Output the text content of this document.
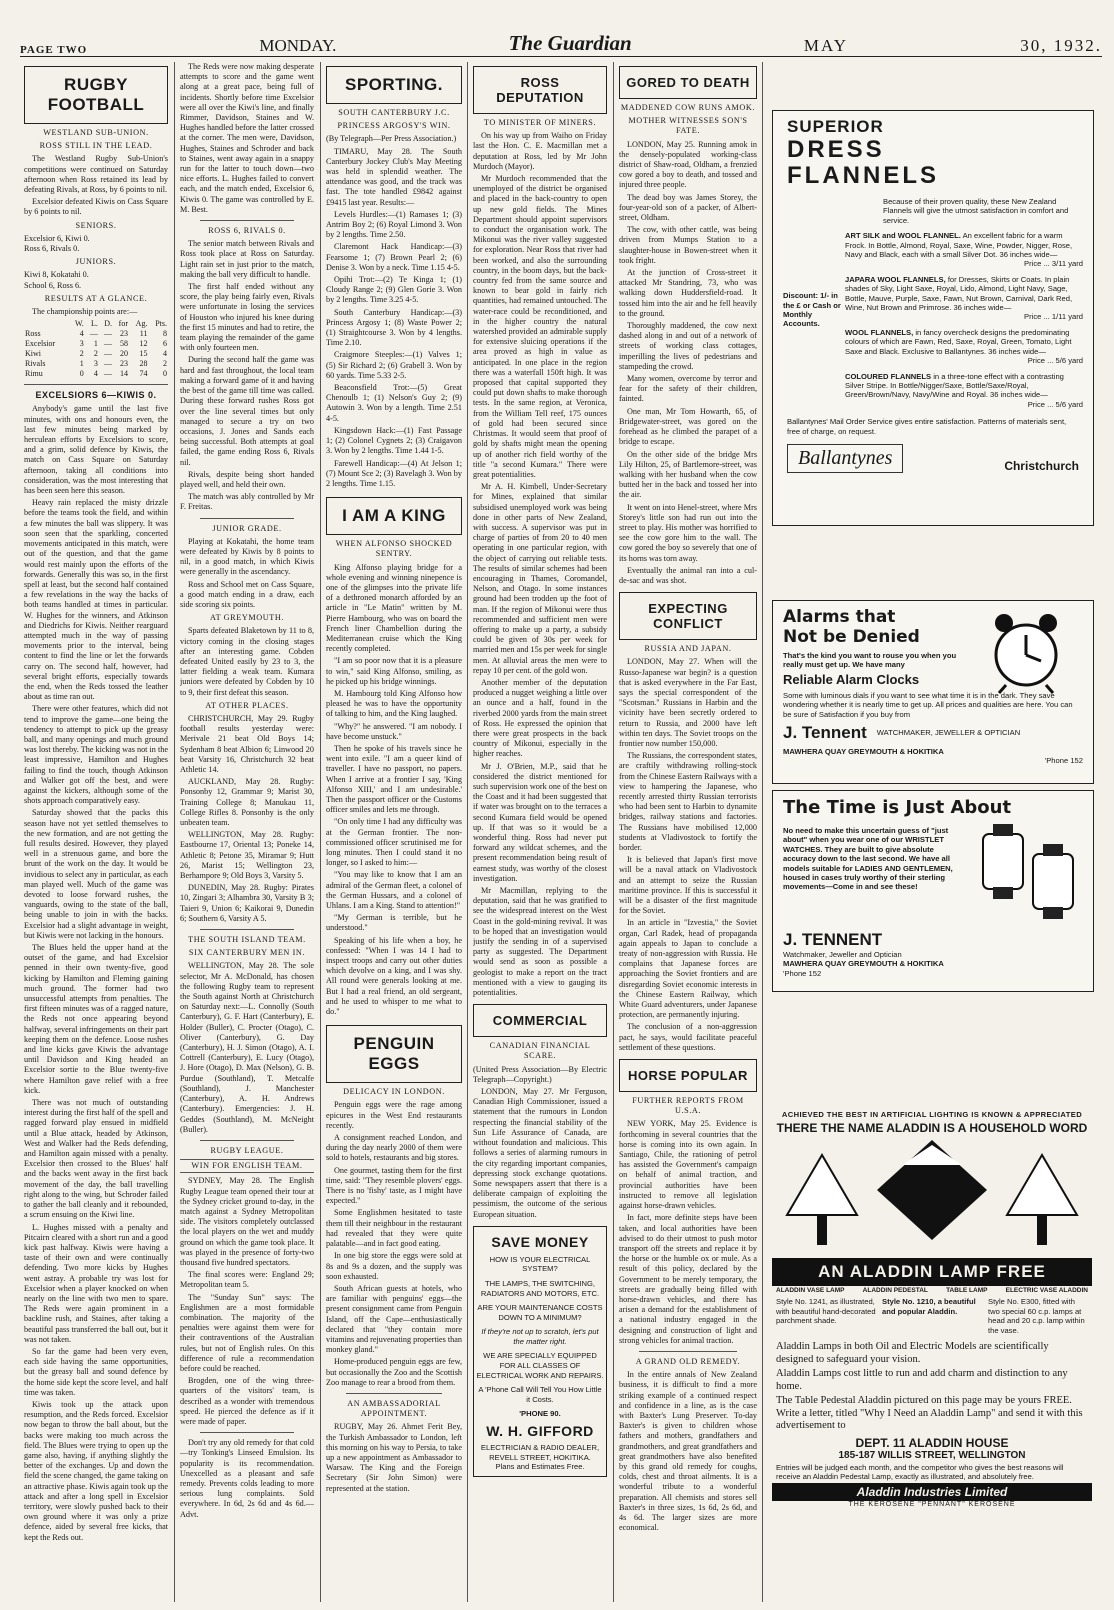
PAGE TWO	MONDAY.	The Guardian	MAY	30, 1932.
RUGBY FOOTBALL
WESTLAND SUB-UNION.
ROSS STILL IN THE LEAD.

The Westland Rugby Sub-Union's competitions were continued on Saturday afternoon when Ross retained its lead by defeating Rivals, at Ross, by 6 points to nil.

Excelsior defeated Kiwis on Cass Square by 6 points to nil.

SENIORS.
Excelsior 6, Kiwi 0.
Ross 6, Rivals 0.
JUNIORS.
Kiwi 8, Kokatahi 0.
School 6, Ross 6.
RESULTS AT A GLANCE.

The championship points are:—

	W.	L.	D.	for	Ag.	Pts.
Ross	4	—	—	23	11	8
Excelsior	3	1	—	58	12	6
Kiwi	2	2	—	20	15	4
Rivals	1	3	—	23	28	2
Rimu	0	4	—	14	74	0
EXCELSIORS 6—KIWIS 0.

Anybody's game until the last five minutes, with ons and honours even, the last few minutes being marked by herculean efforts by Excelsiors to score, and a grim, solid defence by Kiwis, the match on Cass Square on Saturday afternoon, taking all conditions into consideration, was the most interesting that has been seen here this season.

Heavy rain replaced the misty drizzle before the teams took the field, and within a few minutes the ball was slippery. It was soon seen that the sparkling, concerted movements anticipated in this match, were out of the question, and that the game would rest mainly upon the efforts of the forwards. Generally this was so, in the first spell at least, but the second half contained a few revelations in the way the backs of both teams handled at times in particular. W. Hughes for the winners, and Atkinson and Diedrichs for Kiwis. Neither rearguard attempted much in the way of passing movements prior to the interval, being content to find the line or let the forwards carry on. The second half, however, had several bright efforts, especially towards the end, when the Reds tossed the leather about as time ran out.

There were other features, which did not tend to improve the game—one being the tendency to attempt to pick up the greasy ball, and many openings and much ground was lost thereby. The kicking was not in the least impressive, Hamilton and Hughes failing to find the touch, though Atkinson and Walker got off the best, and were against the kickers, although some of the shots approach comparatively easy.

Saturday showed that the packs this season have not yet settled themselves to the new formation, and are not getting the full results desired. However, they played well in a strenuous game, and bore the brunt of the work on the day. It would be invidious to select any in particular, as each man played well. Much of the game was devoted to loose forward rushes, the vanguards, owing to the state of the ball, being unable to join in with the backs. Excelsior had a slight advantage in weight, but Kiwis were not lacking in the honours.

The Blues held the upper hand at the outset of the game, and had Excelsior penned in their own twenty-five, good kicking by Hamilton and Fleming gaining much ground. The former had two unsuccessful attempts from penalties. The first fifteen minutes was of a ragged nature, the Reds not once appearing beyond halfway, several infringements on their part keeping them on the defence. Loose rushes and line kicks gave Kiwis the advantage until Davidson and King headed an Excelsior sortie to the Blue twenty-five where Hamilton gave relief with a free kick.

There was not much of outstanding interest during the first half of the spell and ragged forward play ensued in midfield until a Blue attack, headed by Atkinson, West and Walker had the Reds defending, and Hamilton again missed with a penalty. Excelsior then crossed to the Blues' half and the backs went away in the first back movement of the day, the ball travelling right along to the wing, but Schroder failed to gather the ball cleanly and it rebounded, a scrum ensuing on the Kiwi line.

L. Hughes missed with a penalty and Pitcairn cleared with a short run and a good kick past halfway. Kiwis were having a taste of their own and were continually defending. Two more kicks by Hughes went astray. A probable try was lost for Excelsior when a player knocked on when nearly on the line with two men to spare. The Reds were again prominent in a backline rush, and Staines, after taking a beautiful pass transferred the ball out, but it was not taken.

So far the game had been very even, each side having the same opportunities, but the greasy ball and sound defence by the home side kept the score level, and half time was taken.

Kiwis took up the attack upon resumption, and the Reds forced. Excelsior now began to throw the ball about, but the backs were making too much across the field. The Blues were trying to open up the game also, having, if anything slightly the better of the exchanges. Up and down the field the scene changed, the game taking on an attractive phase. Kiwis again took up the attack and after a long spell in Excelsior territory, were slowly pushed back to their own ground where it was only a prize defence, aided by several free kicks, that kept the Reds out.

The Reds were now making desperate attempts to score and the game went along at a great pace, being full of incidents. Shortly before time Excelsior were all over the Kiwi's line, and finally Rimmer, Davidson, Staines and W. Hughes handled before the latter crossed at the corner. The men were, Davidson, Hughes, Staines and Schroder and back to Staines, went away again in a snappy run for the latter to touch down—two nice efforts. L. Hughes failed to convert each, and the match ended, Excelsior 6, Kiwis 0. The game was controlled by E. M. Best.

ROSS 6, RIVALS 0.

The senior match between Rivals and Ross took place at Ross on Saturday. Light rain set in just prior to the match, making the ball very difficult to handle.

The first half ended without any score, the play being fairly even, Rivals were unfortunate in losing the services of Houston who injured his knee during the first 15 minutes and had to retire, the team playing the remainder of the game with only fourteen men.

During the second half the game was hard and fast throughout, the local team making a forward game of it and having the best of the game till time was called. During these forward rushes Ross got over the line several times but only managed to secure a try on two occasions, J. Jones and Sands each being successful. Both attempts at goal failed, the game ending Ross 6, Rivals nil.

Rivals, despite being short handed played well, and held their own.

The match was ably controlled by Mr F. Freitas.

JUNIOR GRADE.

Playing at Kokatahi, the home team were defeated by Kiwis by 8 points to nil, in a good match, in which Kiwis were generally in the ascendancy.

Ross and School met on Cass Square, a good match ending in a draw, each side scoring six points.

AT GREYMOUTH.

Sparts defeated Blaketown by 11 to 8, victory coming in the closing stages after an interesting game. Cobden defeated United easily by 23 to 3, the latter fielding a weak team. Kumara juniors were defeated by Cobden by 10 to 9, their first defeat this season.

AT OTHER PLACES.

CHRISTCHURCH, May 29. Rugby football results yesterday were: Merivale 21 beat Old Boys 14; Sydenham 8 beat Albion 6; Linwood 20 beat Varsity 16, Christchurch 32 beat Athletic 14.

AUCKLAND, May 28. Rugby: Ponsonby 12, Grammar 9; Marist 30, Training College 8; Manukau 11, College Rifles 8. Ponsonby is the only unbeaten team.

WELLINGTON, May 28. Rugby: Eastbourne 17, Oriental 13; Poneke 14, Athletic 8; Petone 35, Miramar 9; Hutt 26, Marist 15; Wellington 23, Berhampore 9; Old Boys 3, Varsity 5.

DUNEDIN, May 28. Rugby: Pirates 10, Zingari 3; Alhambra 30, Varsity B 3; Taieri 9, Union 6; Kaikorai 9, Dunedin 6; Southern 6, Varsity A 5.

THE SOUTH ISLAND TEAM.
SIX CANTERBURY MEN IN.

WELLINGTON, May 28. The sole selector, Mr A. McDonald, has chosen the following Rugby team to represent the South against North at Christchurch on Saturday next:—L. Connolly (South Canterbury), G. F. Hart (Canterbury), E. Holder (Buller), C. Procter (Otago), C. Oliver (Canterbury), G. Day (Canterbury), H. J. Simon (Otago), A. I. Cottrell (Canterbury), E. Lucy (Otago), J. Hore (Otago), D. Max (Nelson), G. B. Purdue (Southland), T. Metcalfe (Southland), J. Manchester (Canterbury), A. H. Andrews (Canterbury). Emergencies: J. H. Geddes (Southland), M. McNeight (Buller).

RUGBY LEAGUE.
WIN FOR ENGLISH TEAM.

SYDNEY, May 28. The English Rugby League team opened their tour at the Sydney cricket ground to-day, in the match against a Sydney Metropolitan side. The visitors completely outclassed the local players on the wet and muddy ground on which the game took place. It was played in the presence of forty-two thousand five hundred spectators.

The final scores were: England 29; Metropolitan team 5.

The "Sunday Sun" says: The Englishmen are a most formidable combination. The majority of the penalties were against them were for their contraventions of the Australian rules, but not of English rules. On this difference of rule a recommendation before could be reached.

Brogden, one of the wing three-quarters of the visitors' team, is described as a wonder with tremendous speed. He pierced the defence as if it were made of paper.

Don't try any old remedy for that cold—try Tonking's Linseed Emulsion. Its popularity is its recommendation. Unexcelled as a pleasant and safe remedy. Prevents colds leading to more serious lung complaints. Sold everywhere. In 6d, 2s 6d and 4s 6d.—Advt.

SPORTING.
SOUTH CANTERBURY J.C.
PRINCESS ARGOSY'S WIN.

(By Telegraph—Per Press Association.)

TIMARU, May 28. The South Canterbury Jockey Club's May Meeting was held in splendid weather. The attendance was good, and the track was fast. The tote handled £9842 against £9415 last year. Results:—

Levels Hurdles:—(1) Ramases 1; (3) Antrim Boy 2; (6) Royal Limond 3. Won by 2 lengths. Time 2.50.

Claremont Hack Handicap:—(3) Fearsome 1; (7) Brown Pearl 2; (6) Denise 3. Won by a neck. Time 1.15 4-5.

Opihi Trot:—(2) Te Kinga 1; (1) Cloudy Range 2; (9) Glen Gorie 3. Won by 2 lengths. Time 3.25 4-5.

South Canterbury Handicap:—(3) Princess Argosy 1; (8) Waste Power 2; (1) Straightcourse 3. Won by 4 lengths. Time 2.10.

Craigmore Steeples:—(1) Valves 1; (5) Sir Richard 2; (6) Grabell 3. Won by 60 yards. Time 5.33 2-5.

Beaconsfield Trot:—(5) Great Chenoulb 1; (1) Nelson's Guy 2; (9) Autowin 3. Won by a length. Time 2.51 4-5.

Kingsdown Hack:—(1) Fast Passage 1; (2) Colonel Cygnets 2; (3) Craigavon 3. Won by 2 lengths. Time 1.44 1-5.

Farewell Handicap:—(4) At Jelson 1; (7) Mount Sce 2; (3) Ravelagh 3. Won by 2 lengths. Time 1.15.

I AM A KING
WHEN ALFONSO SHOCKED SENTRY.

King Alfonso playing bridge for a whole evening and winning ninepence is one of the glimpses into the private life of a dethroned monarch afforded by an article in "Le Matin" written by M. Pierre Hambourg, who was on board the French liner Chambellion during the Mediterranean cruise which the King recently completed.

"I am so poor now that it is a pleasure to win," said King Alfonso, smiling, as he picked up his bridge winnings.

M. Hambourg told King Alfonso how pleased he was to have the opportunity of talking to him, and the King laughed.

"Why?" he answered. "I am nobody. I have become unstuck."

Then he spoke of his travels since he went into exile. "I am a queer kind of traveller. I have no passport, no papers. When I arrive at a frontier I say, 'King Alfonso XIII,' and I am undesirable.' Then the passport officer or the Customs officer smiles and lets me through.

"On only time I had any difficulty was at the German frontier. The non-commissioned officer scrutinised me for long minutes. Then I could stand it no longer, so I asked to him:—

"You may like to know that I am an admiral of the German fleet, a colonel of the German Hussars, and a colonel of Uhlans. I am a King. Stand to attention!"

"My German is terrible, but he understood."

Speaking of his life when a boy, he confessed: "When I was 14 I had to inspect troops and carry out other duties which devolve on a king, and I was shy. All round were generals looking at me. But I had a real friend, an old sergeant, and he used to whisper to me what to do."

PENGUIN EGGS
DELICACY IN LONDON.

Penguin eggs were the rage among epicures in the West End restaurants recently.

A consignment reached London, and during the day nearly 2000 of them were sold to hotels, restaurants and big stores.

One gourmet, tasting them for the first time, said: "They resemble plovers' eggs. There is no 'fishy' taste, as I might have expected."

Some Englishmen hesitated to taste them till their neighbour in the restaurant had revealed that they were quite palatable—and in fact good eating.

In one big store the eggs were sold at 8s and 9s a dozen, and the supply was soon exhausted.

South African guests at hotels, who are familiar with penguins' eggs—the present consignment came from Penguin Island, off the Cape—enthusiastically declared that "they contain more vitamins and rejuvenating properties than monkey gland."

Home-produced penguin eggs are few, but occasionally the Zoo and the Scottish Zoo manage to rear a brood from them.

AN AMBASSADORIAL APPOINTMENT.

RUGBY, May 26. Ahmet Ferit Bey, the Turkish Ambassador to London, left this morning on his way to Persia, to take up a new appointment as Ambassador to Warsaw. The King and the Foreign Secretary (Sir John Simon) were represented at the station.

ROSS DEPUTATION
TO MINISTER OF MINERS.

On his way up from Waiho on Friday last the Hon. C. E. Macmillan met a deputation at Ross, led by Mr John Murdoch (Mayor).

Mr Murdoch recommended that the unemployed of the district be organised and placed in the back-country to open up new gold fields. The Mines Department should appoint supervisors to conduct the organisation work. The Mikonui was the river valley suggested for exploration. Near Ross that river had been worked, and also the surrounding country, in the boom days, but the back-country fed from the same source and known to bear gold in fairly rich quantities, had remained untouched. The water-race could be reconditioned, and in the higher country the natural watershed provided an admirable supply for extensive sluicing operations if the area proved as high in value as anticipated. In one place in the region there was a waterfall 150ft high. It was proposed that capital supported they could put down shafts to make thorough tests. In the same region, at Veronica, from the William Tell reef, 175 ounces of gold had been secured since Christmas. It would seem that proof of gold by shafts might mean the opening up of another rich field worthy of the title "a second Kumara." There were great potentialities.

Mr A. H. Kimbell, Under-Secretary for Mines, explained that similar subsidised unemployed work was being done in other parts of New Zealand, with success. A supervisor was put in charge of parties of from 20 to 40 men operating in one particular region, with the object of carrying out reliable tests. The results of similar schemes had been encouraging in Thames, Coromandel, Nelson, and Otago. In some instances ground had been trodden up the foot of man. If the region of Mikonui were thus recommended and sufficient men were offering to make up a party, a subsidy could be given of 30s per week for married men and 15s per week for single men. At alluvial areas the men were to repay 10 per cent. of the gold won.

Another member of the deputation produced a nugget weighing a little over an ounce and a half, found in the riverbed 2000 yards from the main street of Ross. He expressed the opinion that there were great prospects in the back country of Mikonui, especially in the higher reaches.

Mr J. O'Brien, M.P., said that he considered the district mentioned for such supervision work one of the best on the Coast and it had been suggested that if water was brought on to the terraces a second Kumara field would be opened up. If that was so it would be a wonderful thing. Ross had never put forward any wildcat schemes, and the present recommendation being result of earnest study, was worthy of the closest investigation.

Mr Macmillan, replying to the deputation, said that he was gratified to see the widespread interest on the West Coast in the gold-mining revival. It was to be hoped that an investigation would justify the sending in of a supervised party as suggested. The Department would send as soon as possible a geologist to make a report on the tract mentioned with a view to gauging its potentialities.

COMMERCIAL
CANADIAN FINANCIAL SCARE.

(United Press Association—By Electric Telegraph—Copyright.)

LONDON, May 27. Mr Ferguson, Canadian High Commissioner, issued a statement that the rumours in London respecting the financial stability of the Sun Life Assurance of Canada, are without foundation and malicious. This follows a series of alarming rumours in the city regarding important companies, depressing stock exchange quotations. Some newspapers assert that there is a deliberate campaign of exploiting the pessimism, the outcome of the serious European situation.

SAVE MONEY
HOW IS YOUR ELECTRICAL SYSTEM?
THE LAMPS, THE SWITCHING, RADIATORS AND MOTORS, ETC.
ARE YOUR MAINTENANCE COSTS DOWN TO A MINIMUM?
If they're not up to scratch, let's put the matter right.
WE ARE SPECIALLY EQUIPPED FOR ALL CLASSES OF ELECTRICAL WORK AND REPAIRS.
A 'Phone Call Will Tell You How Little it Costs.
'PHONE 90.
W. H. GIFFORD
ELECTRICIAN & RADIO DEALER, REVELL STREET, HOKITIKA.
Plans and Estimates Free.
GORED TO DEATH
MADDENED COW RUNS AMOK.
MOTHER WITNESSES SON'S FATE.

LONDON, May 25. Running amok in the densely-populated working-class district of Shaw-road, Oldham, a frenzied cow gored a boy to death, and tossed and injured three people.

The dead boy was James Storey, the four-year-old son of a packer, of Albert-street, Oldham.

The cow, with other cattle, was being driven from Mumps Station to a slaughter-house in Bowen-street when it took fright.

At the junction of Cross-street it attacked Mr Standring, 73, who was walking down Huddersfield-road. It tossed him into the air and he fell heavily to the ground.

Thoroughly maddened, the cow next dashed along in and out of a network of streets of working class cottages, imperilling the lives of pedestrians and stampeding the crowd.

Many women, overcome by terror and fear for the safety of their children, fainted.

One man, Mr Tom Howarth, 65, of Bridgewater-street, was gored on the forehead as he climbed the parapet of a bridge to escape.

On the other side of the bridge Mrs Lily Hilton, 25, of Bartlemore-street, was walking with her husband when the cow butted her in the back and tossed her into the air.

It went on into Henel-street, where Mrs Storey's little son had run out into the street to play. His mother was horrified to see the cow gore him to the wall. The cow gored the boy so severely that one of its horns was torn away.

Eventually the animal ran into a cul-de-sac and was shot.

EXPECTING CONFLICT
RUSSIA AND JAPAN.

LONDON, May 27. When will the Russo-Japanese war begin? is a question that is asked everywhere in the Far East, says the special correspondent of the "Scotsman." Russians in Harbin and the vicinity have been secretly ordered to return to Russia, and 2000 have left within ten days. The Soviet troops on the frontier now number 150,000.

The Russians, the correspondent states, are craftily withdrawing rolling-stock from the Chinese Eastern Railways with a view to hampering the Japanese, who recently arrested thirty Russian terrorists who had been sent to Harbin to dynamite bridges, railway stations and factories. The Russians have mobilised 12,000 students at Vladivostock to fortify the border.

It is believed that Japan's first move will be a naval attack on Vladivostock and an attempt to seize the Russian maritime province. If this is successful it will be a disaster of the first magnitude for the Soviet.

In an article in "Izvestia," the Soviet organ, Carl Radek, head of propaganda again appeals to Japan to conclude a treaty of non-aggression with Russia. He complains that Japanese forces are approaching the Soviet frontiers and are disregarding Soviet economic interests in the Chinese Eastern Railway, which White Guard adventurers, under Japanese protection, are permanently injuring.

The conclusion of a non-aggression pact, he says, would facilitate peaceful settlement of these questions.

HORSE POPULAR
FURTHER REPORTS FROM U.S.A.

NEW YORK, May 25. Evidence is forthcoming in several countries that the horse is coming into its own again. In Santiago, Chile, the rationing of petrol has assisted the Government's campaign on behalf of animal traction, and provincial authorities have been instructed to remove all legislation against horse-drawn vehicles.

In fact, more definite steps have been taken, and local authorities have been advised to do their utmost to push motor transport off the streets and replace it by the horse or the humble ox or mule. As a result of this policy, declared by the Government to be merely temporary, the streets are gradually being filled with horse-drawn vehicles, and there has arisen a demand for the establishment of a national industry engaged in the designing and construction of light and strong vehicles for animal traction.

A GRAND OLD REMEDY.

In the entire annals of New Zealand business, it is difficult to find a more striking example of a continued respect and confidence in a line, as is the case with Baxter's Lung Preserver. To-day Baxter's is given to children whose fathers and mothers, grandfathers and grandmothers, and great grandfathers and great grandmothers have also benefited by this grand old remedy for coughs, colds, chest and throat ailments. It is a wonderful tribute to a wonderful preparation. All chemists and stores sell Baxter's in three sizes, 1s 6d, 2s 6d, and 4s 6d. The larger sizes are more economical.

SUPERIOR
DRESS
FLANNELS
Because of their proven quality, these New Zealand Flannels will give the utmost satisfaction in comfort and service.
Discount: 1/- in the £ or Cash or Monthly Accounts.
ART SILK and WOOL FLANNEL. An excellent fabric for a warm Frock. In Bottle, Almond, Royal, Saxe, Wine, Powder, Nigger, Rose, Navy and Black, each with a small Silver Dot. 36 inches wide—
Price ... 3/11 yard
JAPARA WOOL FLANNELS, for Dresses, Skirts or Coats. In plain shades of Sky, Light Saxe, Royal, Lido, Almond, Light Navy, Sage, Bottle, Mauve, Purple, Saxe, Fawn, Nut Brown, Carnival, Dark Red, Wine, Nut Brown and Primrose. 36 inches wide—
Price ... 1/11 yard
WOOL FLANNELS, in fancy overcheck designs the predominating colours of which are Fawn, Red, Saxe, Royal, Green, Tomato, Light Saxe and Black. Exclusive to Ballantynes. 36 inches wide—
Price ... 5/6 yard
COLOURED FLANNELS in a three-tone effect with a contrasting Silver Stripe. In Bottle/Nigger/Saxe, Bottle/Saxe/Royal, Green/Brown/Navy, Navy/Wine and Royal. 36 inches wide—
Price ... 5/6 yard
Ballantynes' Mail Order Service gives entire satisfaction. Patterns of materials sent, free of charge, on request.
Ballantynes	Christchurch
Alarms that
Not be Denied
That's the kind you want to rouse you when you really must get up. We have many
Reliable Alarm Clocks
Some with luminous dials if you want to see what time it is in the dark. They save wondering whether it is nearly time to get up. All prices and qualities are here. You can be sure of Satisfaction if you buy from
J. Tennent WATCHMAKER, JEWELLER & OPTICIAN
MAWHERA QUAY GREYMOUTH & HOKITIKA
'Phone 152
The Time is Just About
No need to make this uncertain guess of "just about" when you wear one of our WRISTLET WATCHES. They are built to give absolute accuracy down to the last second. We have all models suitable for LADIES AND GENTLEMEN, housed in cases truly worthy of their sterling movements—Come in and see these!
J. TENNENT
Watchmaker, Jeweller and Optician
MAWHERA QUAY GREYMOUTH & HOKITIKA
'Phone 152
ACHIEVED THE BEST IN ARTIFICIAL LIGHTING IS KNOWN & APPRECIATED
THERE THE NAME ALADDIN IS A HOUSEHOLD WORD
AN ALADDIN LAMP FREE
ALADDIN VASE LAMP	ALADDIN PEDESTAL	TABLE LAMP	ELECTRIC VASE ALADDIN
Style No. 1241, as illustrated, with beautiful hand-decorated parchment shade.
Style No. 1210, a beautiful and popular Aladdin.
Style No. E300, fitted with two special 60 c.p. lamps at head and 20 c.p. lamp within the vase.
Aladdin Lamps in both Oil and Electric Models are scientifically designed to safeguard your vision.
Aladdin Lamps cost little to run and add charm and distinction to any home.
The Table Pedestal Aladdin pictured on this page may be yours FREE. Write a letter, titled "Why I Need an Aladdin Lamp" and send it with this advertisement to
DEPT. 11 ALADDIN HOUSE
185-187 WILLIS STREET, WELLINGTON
Entries will be judged each month, and the competitor who gives the best reasons will receive an Aladdin Pedestal Lamp, exactly as illustrated, and absolutely free.
Aladdin Industries Limited
THE KEROSENE "PENNANT" KEROSENE
